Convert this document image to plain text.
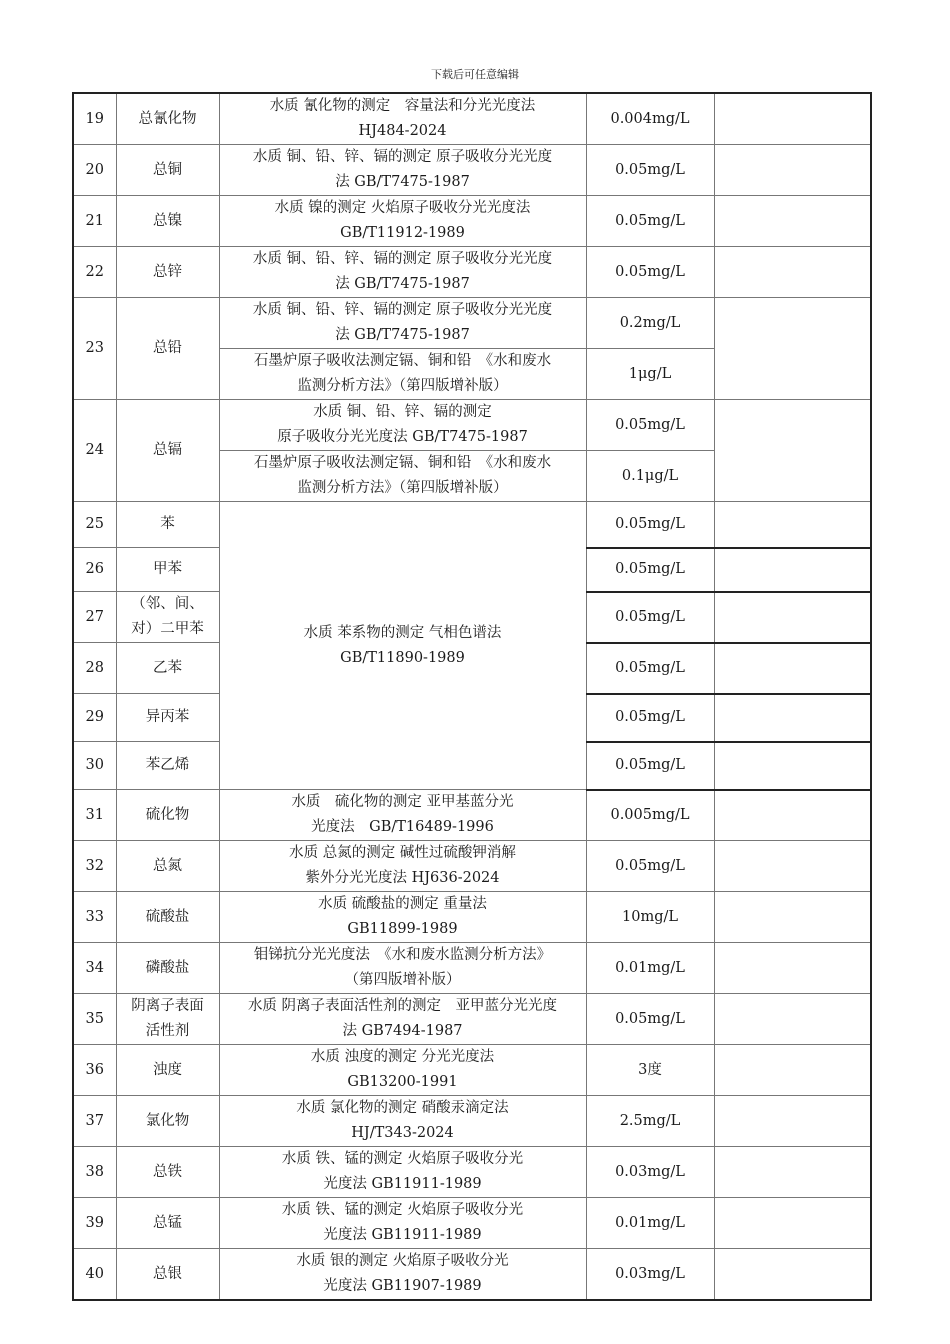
下载后可任意编辑
19	总氰化物	水质 氰化物的测定　容量法和分光光度法
HJ484-2024	0.004mg/L	
20	总铜	水质 铜、铅、锌、镉的测定 原子吸收分光光度
法 GB/T7475-1987	0.05mg/L	
21	总镍	水质 镍的测定 火焰原子吸收分光光度法
GB/T11912-1989	0.05mg/L	
22	总锌	水质 铜、铅、锌、镉的测定 原子吸收分光光度
法 GB/T7475-1987	0.05mg/L	
23	总铅	水质 铜、铅、锌、镉的测定 原子吸收分光光度
法 GB/T7475-1987	0.2mg/L	

		石墨炉原子吸收法测定镉、铜和铅　《水和废水
监测分析方法》（第四版增补版）	1μg/L	
24	总镉	水质 铜、铅、锌、镉的测定
原子吸收分光光度法 GB/T7475-1987	0.05mg/L	

		石墨炉原子吸收法测定镉、铜和铅　《水和废水
监测分析方法》（第四版增补版）	0.1μg/L	
25	苯	水质 苯系物的测定 气相色谱法
GB/T11890-1989	0.05mg/L	
26	甲苯		0.05mg/L	
27	（邻、间、
对）二甲苯		0.05mg/L	
28	乙苯		0.05mg/L	
29	异丙苯		0.05mg/L	
30	苯乙烯		0.05mg/L	
31	硫化物	水质　硫化物的测定 亚甲基蓝分光
光度法　GB/T16489-1996	0.005mg/L	
32	总氮	水质 总氮的测定 碱性过硫酸钾消解
紫外分光光度法 HJ636-2024	0.05mg/L	
33	硫酸盐	水质 硫酸盐的测定 重量法
GB11899-1989	10mg/L	
34	磷酸盐	钼锑抗分光光度法　《水和废水监测分析方法》
（第四版增补版）	0.01mg/L	
35	阴离子表面
活性剂	水质 阴离子表面活性剂的测定　亚甲蓝分光光度
法 GB7494-1987	0.05mg/L	
36	浊度	水质 浊度的测定 分光光度法
GB13200-1991	3度	
37	氯化物	水质 氯化物的测定 硝酸汞滴定法
HJ/T343-2024	2.5mg/L	
38	总铁	水质 铁、锰的测定 火焰原子吸收分光
光度法 GB11911-1989	0.03mg/L	
39	总锰	水质 铁、锰的测定 火焰原子吸收分光
光度法 GB11911-1989	0.01mg/L	
40	总银	水质 银的测定 火焰原子吸收分光
光度法 GB11907-1989	0.03mg/L	
